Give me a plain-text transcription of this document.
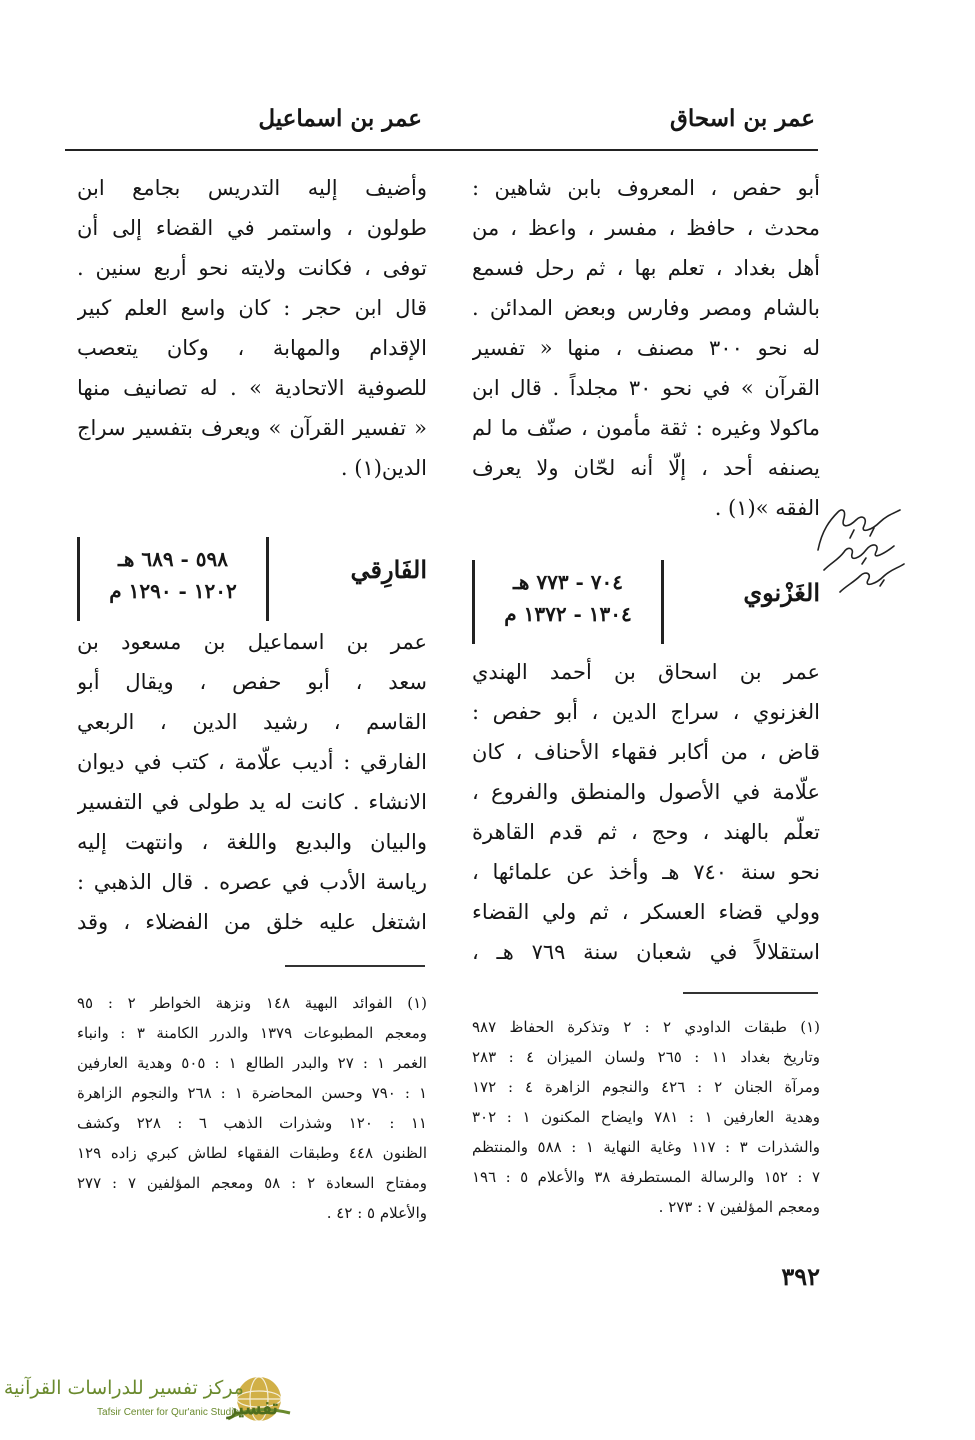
عمر بن اسحاق
عمر بن اسماعيل
أبو حفص ، المعروف بابن شاهين :
محدث ، حافظ ، مفسر ، واعظ ، من
أهل بغداد ، تعلم بها ، ثم رحل فسمع
بالشام ومصر وفارس وبعض المدائن .
له نحو ٣٠٠ مصنف ، منها « تفسير
القرآن » في نحو ٣٠ مجلداً . قال ابن
ماكولا وغيره : ثقة مأمون ، صنّف ما لم
يصنفه أحد ، إلّا أنه لحّان ولا يعرف
الفقه »(١) .
الغَزْنوي
٧٠٤ - ٧٧٣ هـ
١٣٠٤ - ١٣٧٢ م
عمر بن اسحاق بن أحمد الهندي
الغزنوي ، سراج الدين ، أبو حفص :
قاض ، من أكابر فقهاء الأحناف ، كان
علّامة في الأصول والمنطق والفروع ،
تعلّم بالهند ، وحج ، ثم قدم القاهرة
نحو سنة ٧٤٠ هـ وأخذ عن علمائها ،
وولي قضاء العسكر ، ثم ولي القضاء
استقلالاً في شعبان سنة ٧٦٩ هـ ،
(١) طبقات الداودي ٢ : ٢ وتذكرة الحفاظ ٩٨٧
وتاريخ بغداد ١١ : ٢٦٥ ولسان الميزان ٤ : ٢٨٣
ومرآة الجنان ٢ : ٤٢٦ والنجوم الزاهرة ٤ : ١٧٢
وهدية العارفين ١ : ٧٨١ وايضاح المكنون ١ : ٣٠٢
والشذرات ٣ : ١١٧ وغاية النهاية ١ : ٥٨٨ والمنتظم
٧ : ١٥٢ والرسالة المستطرفة ٣٨ والأعلام ٥ : ١٩٦
ومعجم المؤلفين ٧ : ٢٧٣ .
وأضيف إليه التدريس بجامع ابن
طولون ، واستمر في القضاء إلى أن
توفى ، فكانت ولايته نحو أربع سنين .
قال ابن حجر : كان واسع العلم كبير
الإقدام والمهابة ، وكان يتعصب
للصوفية الاتحادية » . له تصانيف منها
« تفسير القرآن » ويعرف بتفسير سراج
الدين(١) .
الفَارِقي
٥٩٨ - ٦٨٩ هـ
١٢٠٢ - ١٢٩٠ م
عمر بن اسماعيل بن مسعود بن
سعد ، أبو حفص ، ويقال أبو
القاسم ، رشيد الدين ، الربعي
الفارقي : أديب علّامة ، كتب في ديوان
الانشاء . كانت له يد طولى في التفسير
والبيان والبديع واللغة ، وانتهت إليه
رياسة الأدب في عصره . قال الذهبي :
اشتغل عليه خلق من الفضلاء ، وقد
(١) الفوائد البهية ١٤٨ ونزهة الخواطر ٢ : ٩٥
ومعجم المطبوعات ١٣٧٩ والدرر الكامنة ٣ : وانباء
الغمر ١ : ٢٧ والبدر الطالع ١ : ٥٠٥ وهدية العارفين
١ : ٧٩٠ وحسن المحاضرة ١ : ٢٦٨ والنجوم الزاهرة
١١ : ١٢٠ وشذرات الذهب ٦ : ٢٢٨ وكشف
الظنون ٤٤٨ وطبقات الفقهاء لطاش كبري زاده ١٢٩
ومفتاح السعادة ٢ : ٥٨ ومعجم المؤلفين ٧ : ٢٧٧
والأعلام ٥ : ٤٢ .
٣٩٢
مركز تفسير للدراسات القرآنية
Tafsir Center for Qur'anic Studies
تفسير
